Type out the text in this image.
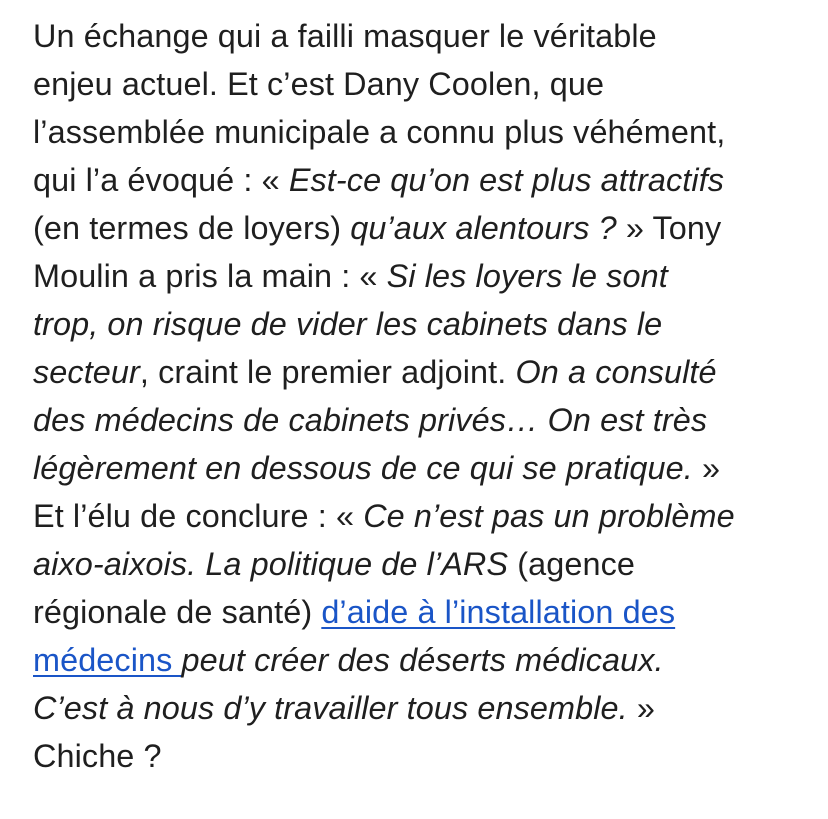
Un échange qui a failli masquer le véritable
enjeu actuel. Et c’est Dany Coolen, que
l’assemblée municipale a connu plus véhément,
qui l’a évoqué : « Est-ce qu’on est plus attractifs
(en termes de loyers) qu’aux alentours ? » Tony
Moulin a pris la main : « Si les loyers le sont
trop, on risque de vider les cabinets dans le
secteur, craint le premier adjoint. On a consulté
des médecins de cabinets privés… On est très
légèrement en dessous de ce qui se pratique. »
Et l’élu de conclure : « Ce n’est pas un problème
aixo-aixois. La politique de l’ARS (agence
régionale de santé) d’aide à l’installation des
médecins peut créer des déserts médicaux.
C’est à nous d’y travailler tous ensemble. »
Chiche ?
